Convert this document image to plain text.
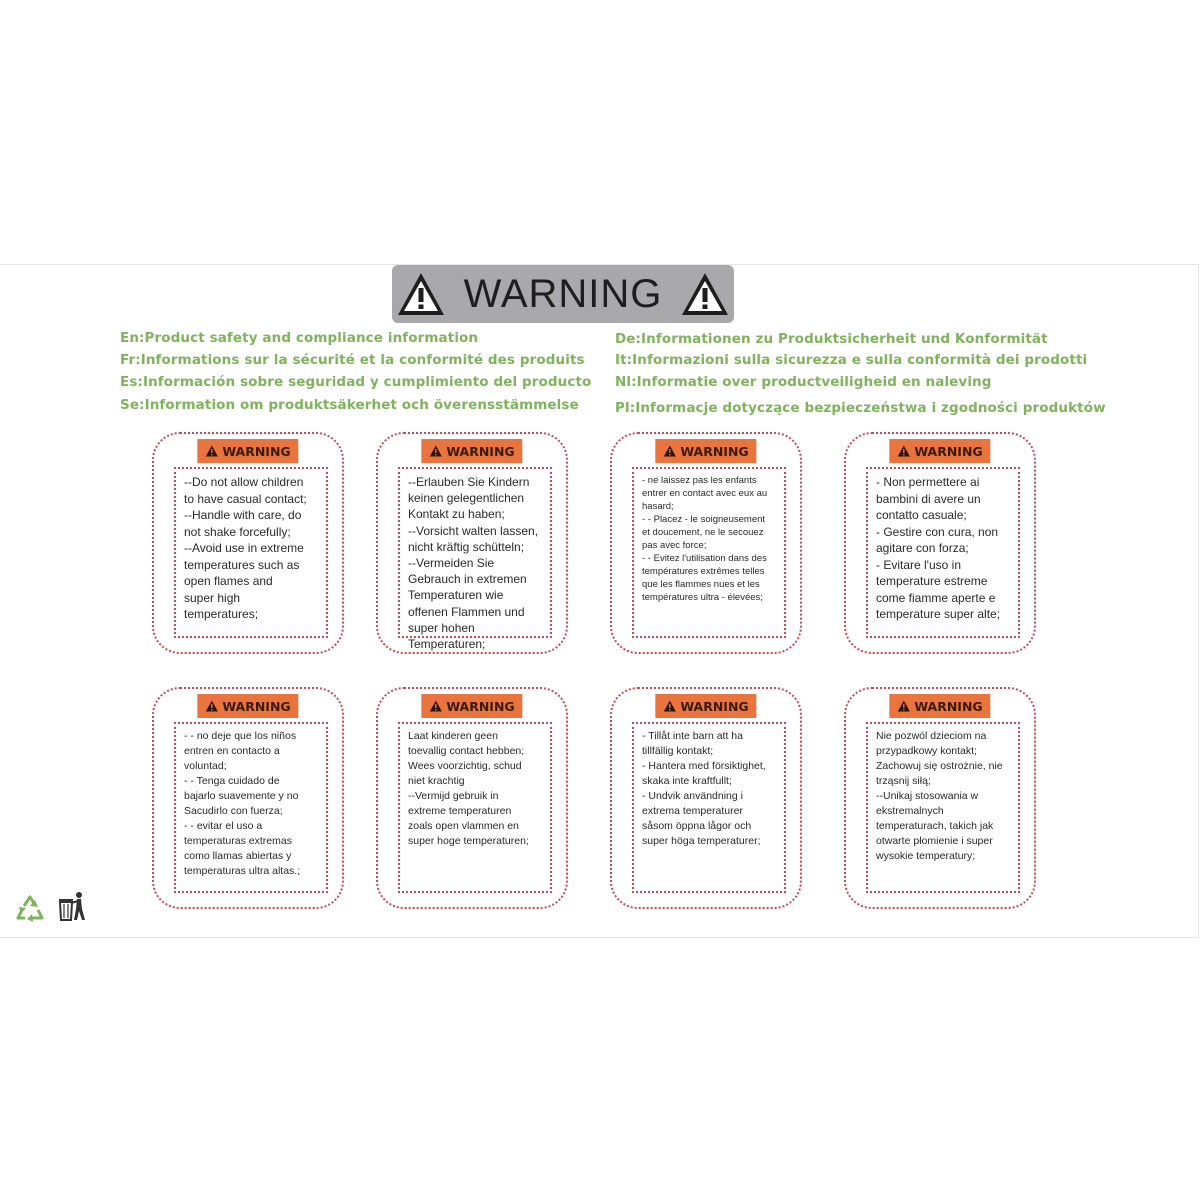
WARNING
En:Product safety and compliance information
Fr:Informations sur la sécurité et la conformité des produits
Es:Información sobre seguridad y cumplimiento del producto
Se:Information om produktsäkerhet och överensstämmelse
De:Informationen zu Produktsicherheit und Konformität
It:Informazioni sulla sicurezza e sulla conformità dei prodotti
Nl:Informatie over productveiligheid en naleving
Pl:Informacje dotyczące bezpieczeństwa i zgodności produktów
WARNING
--Do not allow children
to have casual contact;
--Handle with care, do
not shake forcefully;
--Avoid use in extreme
temperatures such as
open flames and
super high
temperatures;
WARNING
--Erlauben Sie Kindern
keinen gelegentlichen
Kontakt zu haben;
--Vorsicht walten lassen,
nicht kräftig schütteln;
--Vermeiden Sie
Gebrauch in extremen
Temperaturen wie
offenen Flammen und
super hohen
Temperaturen;
WARNING
- ne laissez pas les enfants
entrer en contact avec eux au
hasard;
- - Placez - le soigneusement
et doucement, ne le secouez
pas avec force;
- - Evitez l'utilisation dans des
températures extrêmes telles
que les flammes nues et les
températures ultra - élevées;
WARNING
- Non permettere ai
bambini di avere un
contatto casuale;
- Gestire con cura, non
agitare con forza;
- Evitare l'uso in
temperature estreme
come fiamme aperte e
temperature super alte;
WARNING
- - no deje que los niños
entren en contacto a
voluntad;
- - Tenga cuidado de
bajarlo suavemente y no
Sacudirlo con fuerza;
- - evitar el uso a
temperaturas extremas
como llamas abiertas y
temperaturas ultra altas.;
WARNING
Laat kinderen geen
toevallig contact hebben;
Wees voorzichtig, schud
niet krachtig
--Vermijd gebruik in
extreme temperaturen
zoals open vlammen en
super hoge temperaturen;
WARNING
- Tillåt inte barn att ha
tillfällig kontakt;
- Hantera med försiktighet,
skaka inte kraftfullt;
- Undvik användning i
extrema temperaturer
såsom öppna lågor och
super höga temperaturer;
WARNING
Nie pozwól dzieciom na
przypadkowy kontakt;
Zachowuj się ostrożnie, nie
trząsnij siłą;
--Unikaj stosowania w
ekstremalnych
temperaturach, takich jak
otwarte płomienie i super
wysokie temperatury;
